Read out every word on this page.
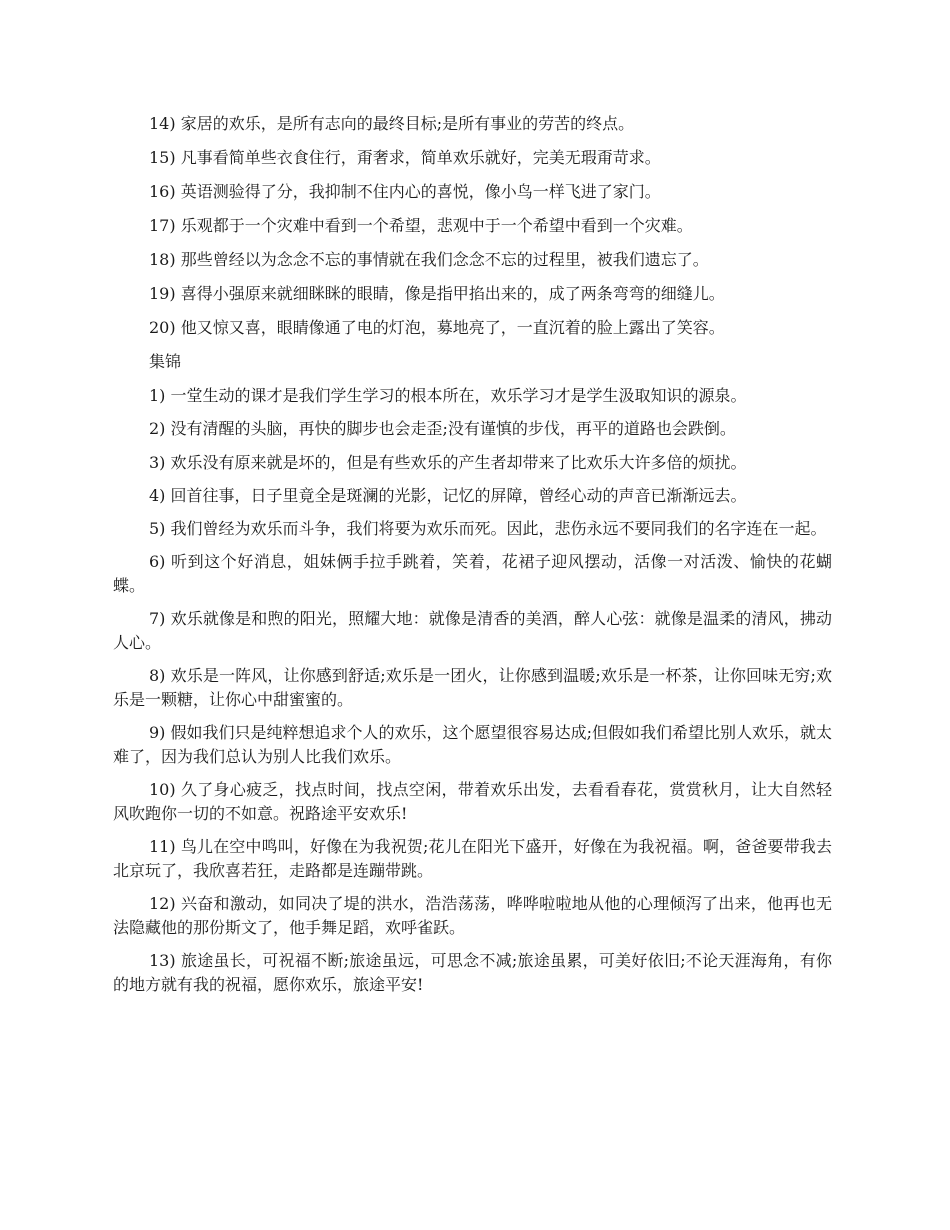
14) 家居的欢乐，是所有志向的最终目标;是所有事业的劳苦的终点。

15) 凡事看简单些衣食住行，甭奢求，简单欢乐就好，完美无瑕甭苛求。

16) 英语测验得了分，我抑制不住内心的喜悦，像小鸟一样飞进了家门。

17) 乐观都于一个灾难中看到一个希望，悲观中于一个希望中看到一个灾难。

18) 那些曾经以为念念不忘的事情就在我们念念不忘的过程里，被我们遗忘了。

19) 喜得小强原来就细眯眯的眼睛，像是指甲掐出来的，成了两条弯弯的细缝儿。

20) 他又惊又喜，眼睛像通了电的灯泡，募地亮了，一直沉着的脸上露出了笑容。

集锦

1) 一堂生动的课才是我们学生学习的根本所在，欢乐学习才是学生汲取知识的源泉。

2) 没有清醒的头脑，再快的脚步也会走歪;没有谨慎的步伐，再平的道路也会跌倒。

3) 欢乐没有原来就是坏的，但是有些欢乐的产生者却带来了比欢乐大许多倍的烦扰。

4) 回首往事，日子里竟全是斑澜的光影，记忆的屏障，曾经心动的声音已渐渐远去。

5) 我们曾经为欢乐而斗争，我们将要为欢乐而死。因此，悲伤永远不要同我们的名字连在一起。

6) 听到这个好消息，姐妹俩手拉手跳着，笑着，花裙子迎风摆动，活像一对活泼、愉快的花蝴蝶。

7) 欢乐就像是和煦的阳光，照耀大地：就像是清香的美酒，醉人心弦：就像是温柔的清风，拂动人心。

8) 欢乐是一阵风，让你感到舒适;欢乐是一团火，让你感到温暖;欢乐是一杯茶，让你回味无穷;欢乐是一颗糖，让你心中甜蜜蜜的。

9) 假如我们只是纯粹想追求个人的欢乐，这个愿望很容易达成;但假如我们希望比别人欢乐，就太难了，因为我们总认为别人比我们欢乐。

10) 久了身心疲乏，找点时间，找点空闲，带着欢乐出发，去看看春花，赏赏秋月，让大自然轻风吹跑你一切的不如意。祝路途平安欢乐!

11) 鸟儿在空中鸣叫，好像在为我祝贺;花儿在阳光下盛开，好像在为我祝福。啊，爸爸要带我去北京玩了，我欣喜若狂，走路都是连蹦带跳。

12) 兴奋和激动，如同决了堤的洪水，浩浩荡荡，哗哗啦啦地从他的心理倾泻了出来，他再也无法隐藏他的那份斯文了，他手舞足蹈，欢呼雀跃。

13) 旅途虽长，可祝福不断;旅途虽远，可思念不减;旅途虽累，可美好依旧;不论天涯海角，有你的地方就有我的祝福，愿你欢乐，旅途平安!
